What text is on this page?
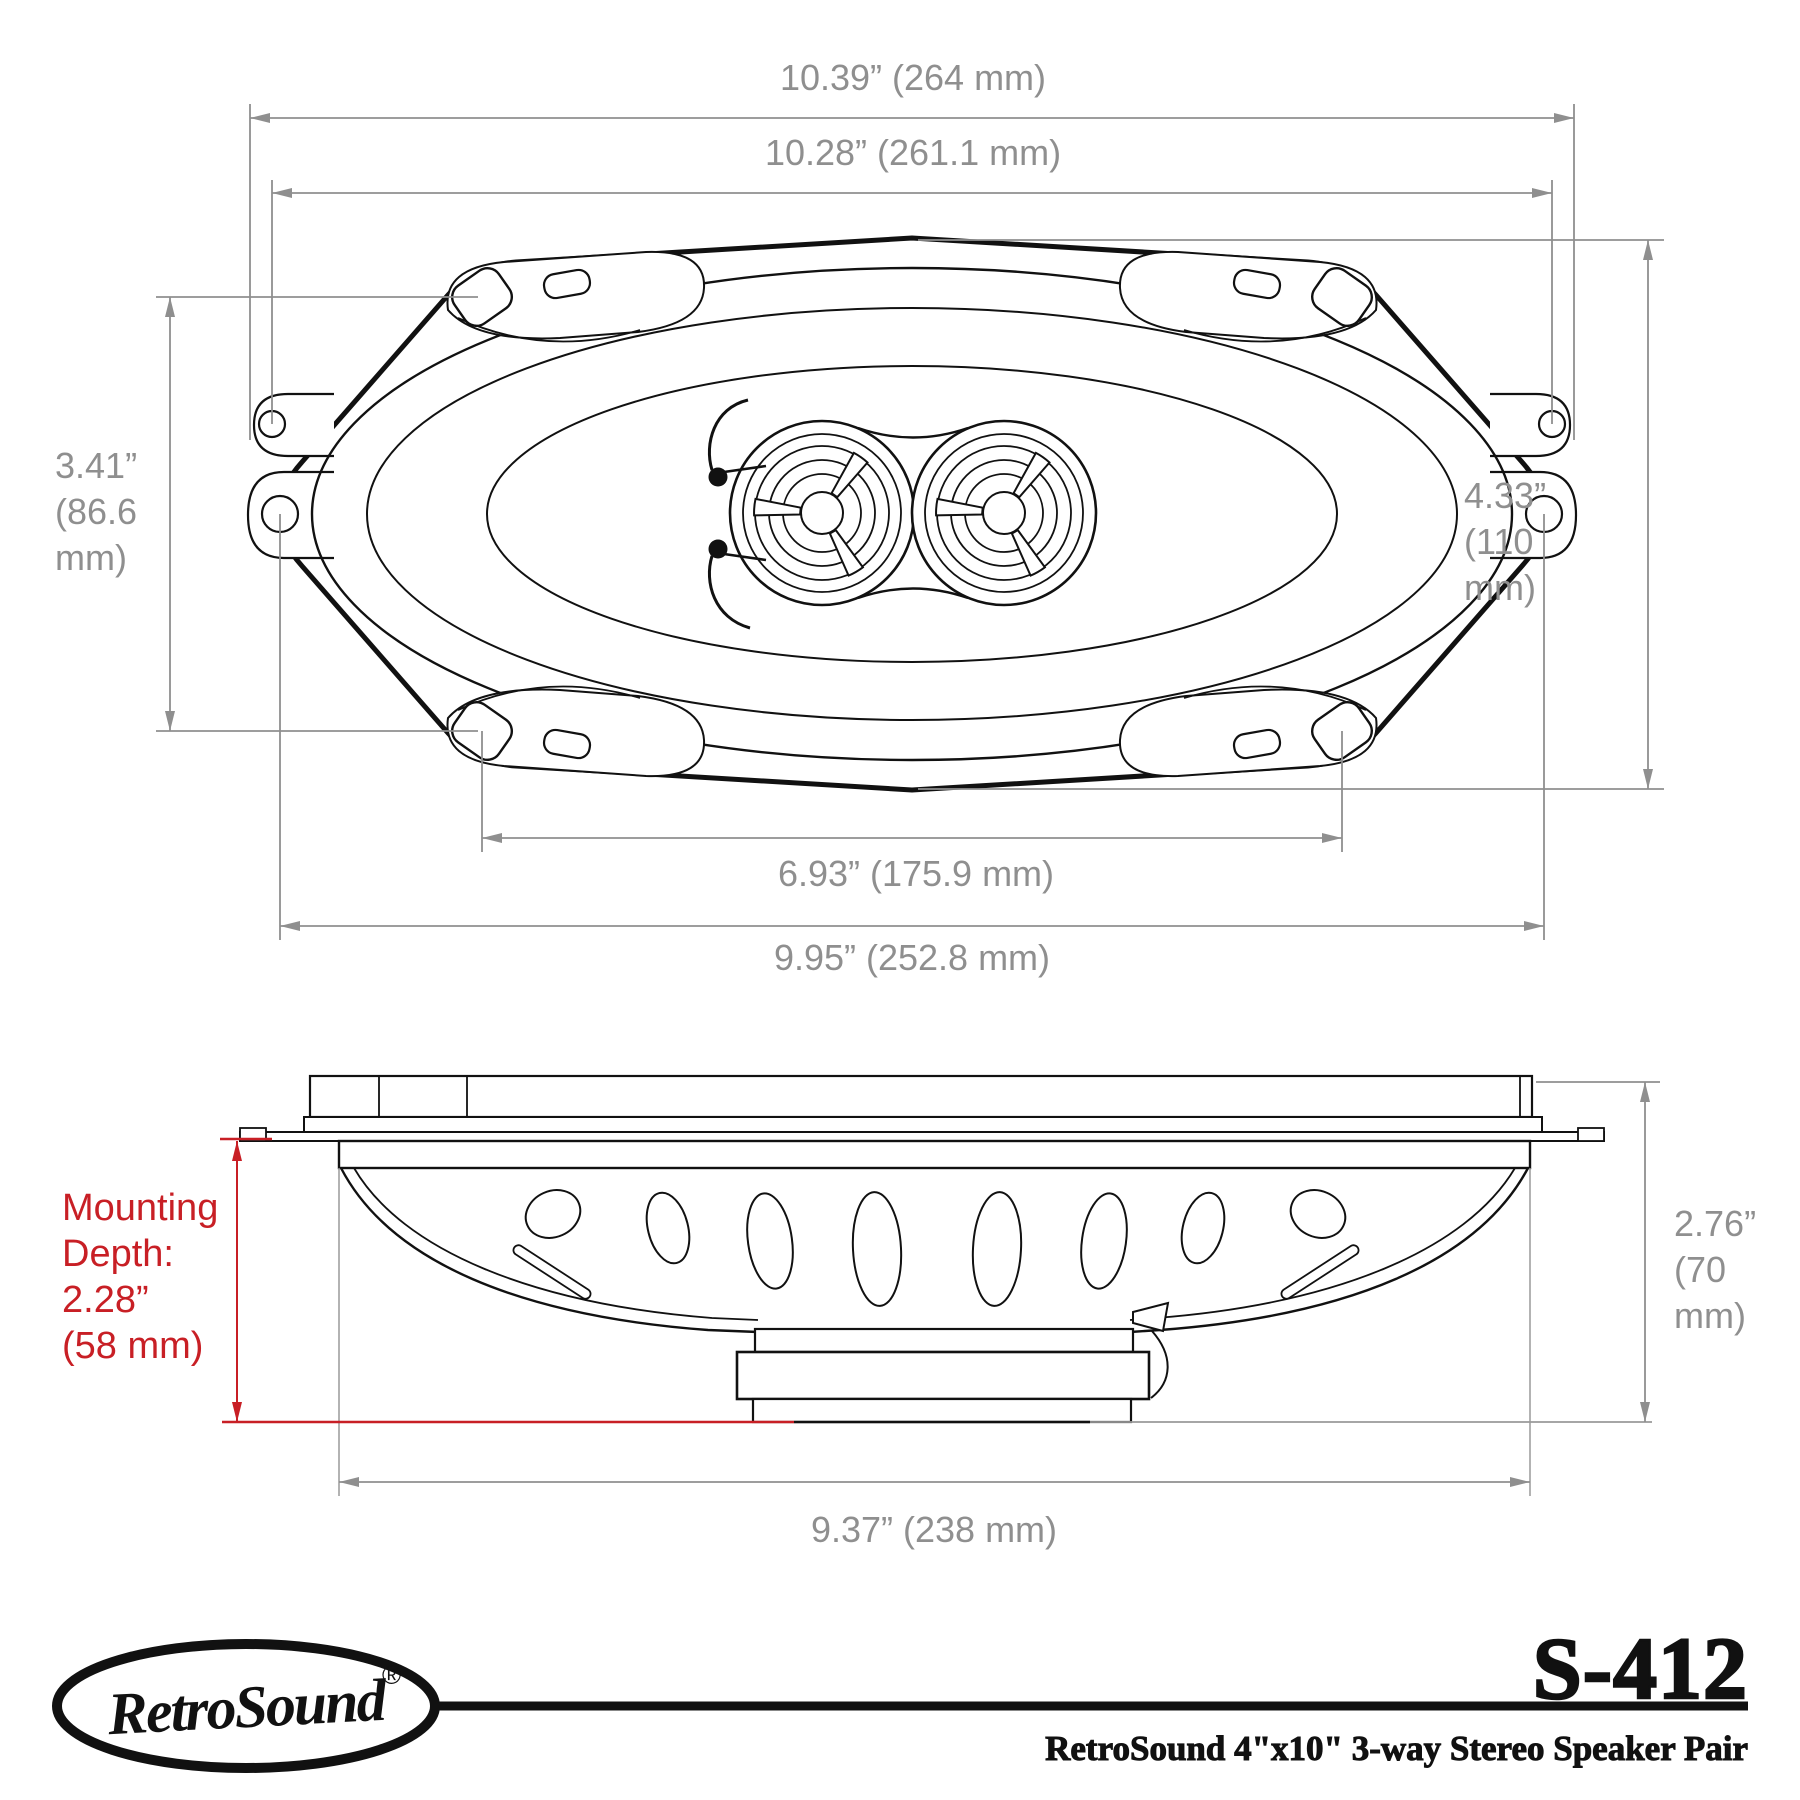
10.39” (264 mm)
10.28” (261.1 mm)
3.41”
(86.6
mm)
4.33”
(110
mm)
6.93” (175.9 mm)
9.95” (252.8 mm)
Mounting
Depth:
2.28”
(58 mm)
2.76”
(70
mm)
9.37” (238 mm)
RetroSound
®	S-412
RetroSound 4"x10" 3-way Stereo Speaker Pair
